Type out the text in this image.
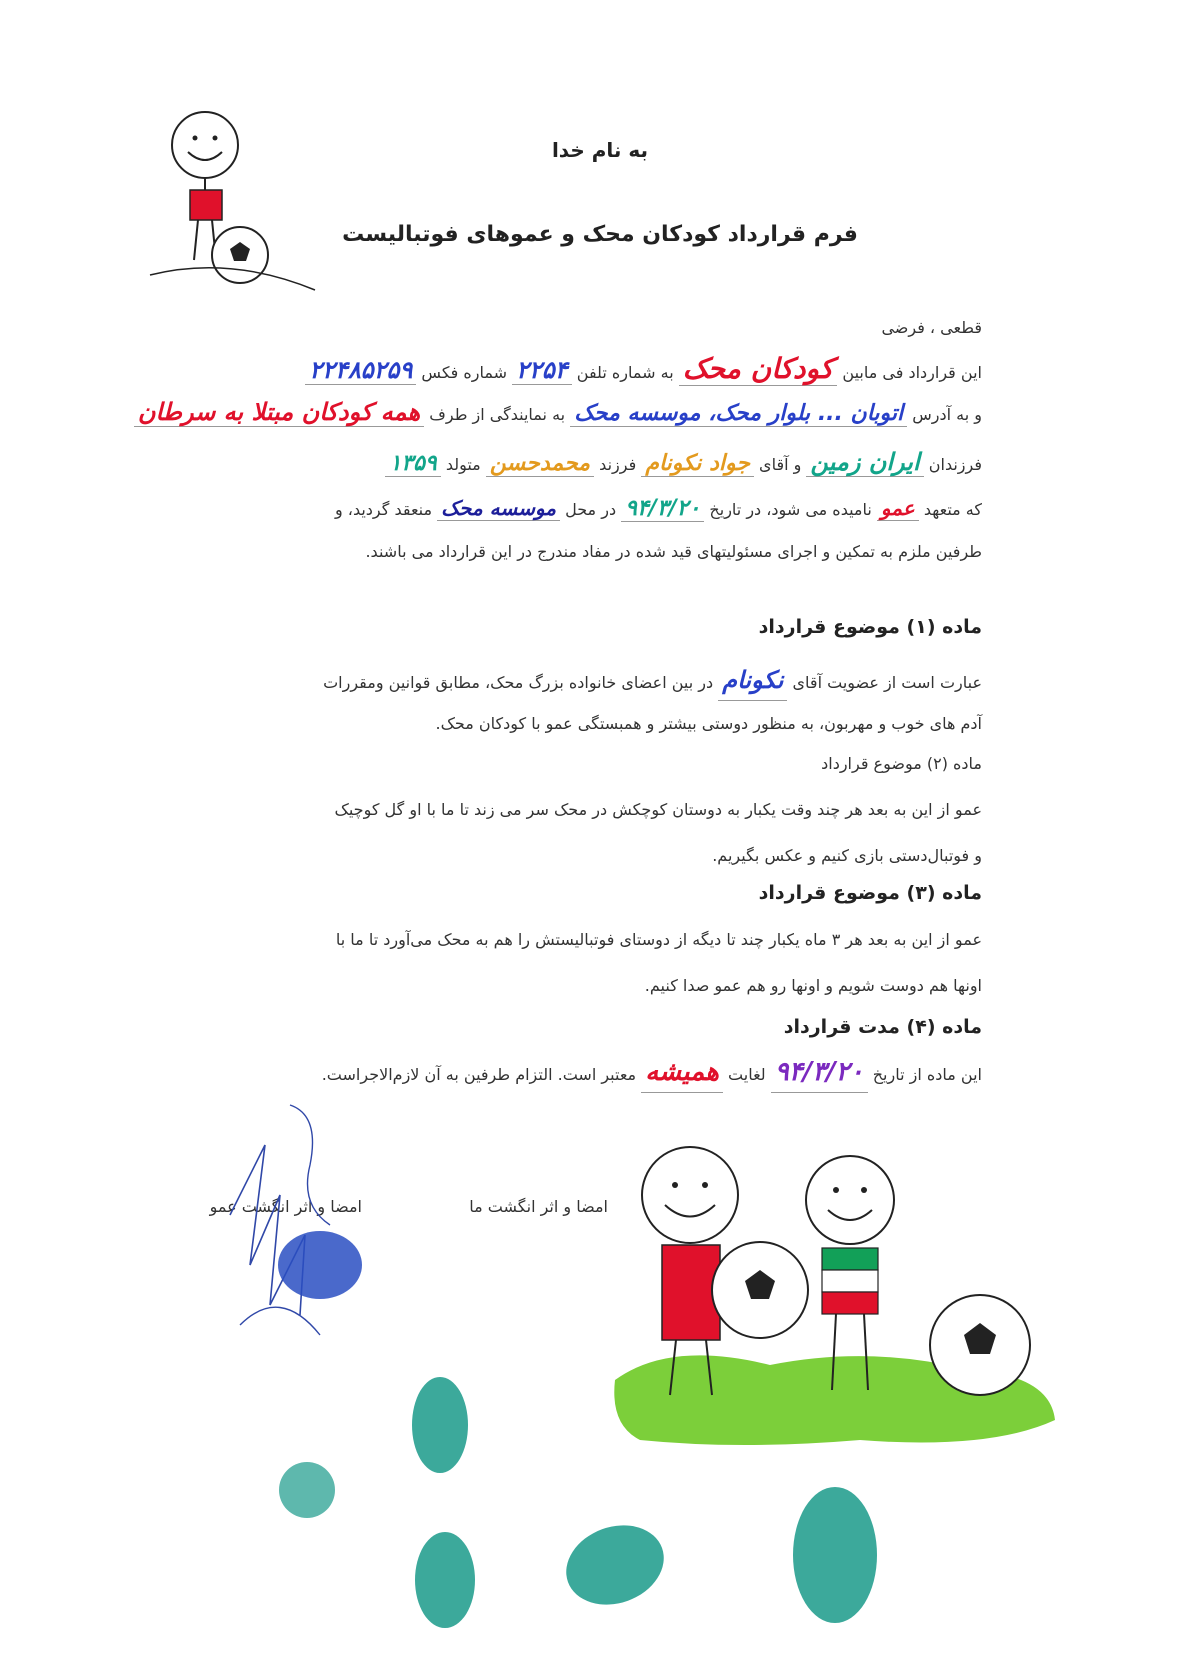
به نام خدا
فرم قرارداد کودکان محک و عموهای فوتبالیست
قطعی ، فرضی
این قرارداد فی مابین کودکان محک به شماره تلفن ۲۲۵۴ شماره فکس ۲۲۴۸۵۲۵۹
و به آدرس اتوبان ... بلوار محک، موسسه محک به نمایندگی از طرف همه کودکان مبتلا به سرطان
فرزندان ایران زمین و آقای جواد نکونام فرزند محمدحسن متولد ۱۳۵۹
که متعهد عمو نامیده می شود، در تاریخ ۹۴/۳/۲۰ در محل موسسه محک منعقد گردید، و
طرفین ملزم به تمکین و اجرای مسئولیتهای قید شده در مفاد مندرج در این قرارداد می باشند.
ماده (۱) موضوع قرارداد
عبارت است از عضویت آقای نکونام در بین اعضای خانواده بزرگ محک، مطابق قوانین ومقررات
آدم های خوب و مهربون، به منظور دوستی بیشتر و همبستگی عمو با کودکان محک.
ماده (۲) موضوع قرارداد
عمو از این به بعد هر چند وقت یکبار به دوستان کوچکش در محک سر می زند تا ما با او گل کوچیک
و فوتبال‌دستی بازی کنیم و عکس بگیریم.
ماده (۳) موضوع قرارداد
عمو از این به بعد هر ۳ ماه یکبار چند تا دیگه از دوستای فوتبالیستش را هم به محک می‌آورد تا ما با
اونها هم دوست شویم و اونها رو هم عمو صدا کنیم.
ماده (۴) مدت قرارداد
این ماده از تاریخ ۹۴/۳/۲۰ لغایت همیشه معتبر است. التزام طرفین به آن لازم‌الاجراست.
امضا و اثر انگشت ما
امضا و اثر انگشت عمو
